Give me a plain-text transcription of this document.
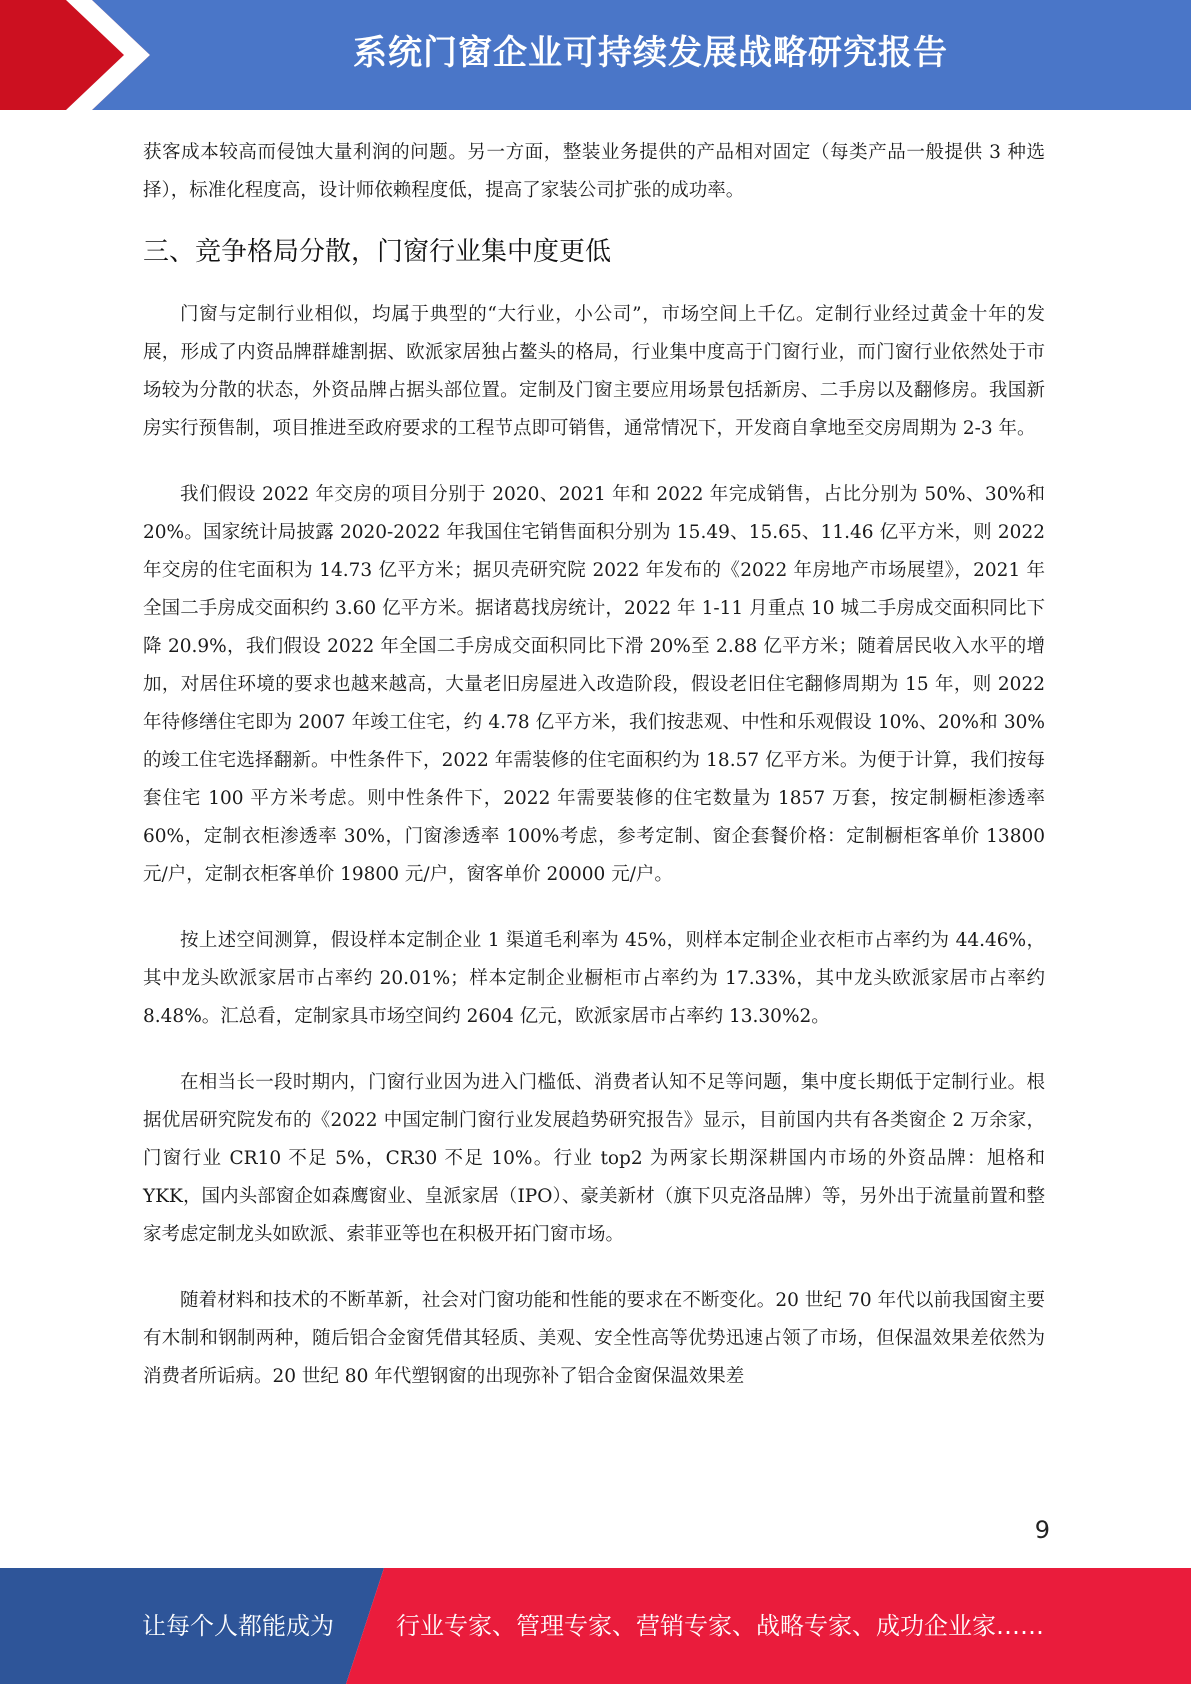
系统门窗企业可持续发展战略研究报告

获客成本较高而侵蚀大量利润的问题。另一方面，整装业务提供的产品相对固定（每类产品一般提供 3 种选择），标准化程度高，设计师依赖程度低，提高了家装公司扩张的成功率。

三、竞争格局分散，门窗行业集中度更低

门窗与定制行业相似，均属于典型的“大行业，小公司”，市场空间上千亿。定制行业经过黄金十年的发展，形成了内资品牌群雄割据、欧派家居独占鳌头的格局，行业集中度高于门窗行业，而门窗行业依然处于市场较为分散的状态，外资品牌占据头部位置。定制及门窗主要应用场景包括新房、二手房以及翻修房。我国新房实行预售制，项目推进至政府要求的工程节点即可销售，通常情况下，开发商自拿地至交房周期为 2-3 年。

我们假设 2022 年交房的项目分别于 2020、2021 年和 2022 年完成销售，占比分别为 50%、30%和 20%。国家统计局披露 2020-2022 年我国住宅销售面积分别为 15.49、15.65、11.46 亿平方米，则 2022 年交房的住宅面积为 14.73 亿平方米；据贝壳研究院 2022 年发布的《2022 年房地产市场展望》，2021 年全国二手房成交面积约 3.60 亿平方米。据诸葛找房统计，2022 年 1-11 月重点 10 城二手房成交面积同比下降 20.9%，我们假设 2022 年全国二手房成交面积同比下滑 20%至 2.88 亿平方米；随着居民收入水平的增加，对居住环境的要求也越来越高，大量老旧房屋进入改造阶段，假设老旧住宅翻修周期为 15 年，则 2022 年待修缮住宅即为 2007 年竣工住宅，约 4.78 亿平方米，我们按悲观、中性和乐观假设 10%、20%和 30%的竣工住宅选择翻新。中性条件下，2022 年需装修的住宅面积约为 18.57 亿平方米。为便于计算，我们按每套住宅 100 平方米考虑。则中性条件下，2022 年需要装修的住宅数量为 1857 万套，按定制橱柜渗透率 60%，定制衣柜渗透率 30%，门窗渗透率 100%考虑，参考定制、窗企套餐价格：定制橱柜客单价 13800 元/户，定制衣柜客单价 19800 元/户，窗客单价 20000 元/户。

按上述空间测算，假设样本定制企业 1 渠道毛利率为 45%，则样本定制企业衣柜市占率约为 44.46%，其中龙头欧派家居市占率约 20.01%；样本定制企业橱柜市占率约为 17.33%，其中龙头欧派家居市占率约 8.48%。汇总看，定制家具市场空间约 2604 亿元，欧派家居市占率约 13.30%2。

在相当长一段时期内，门窗行业因为进入门槛低、消费者认知不足等问题，集中度长期低于定制行业。根据优居研究院发布的《2022 中国定制门窗行业发展趋势研究报告》显示，目前国内共有各类窗企 2 万余家，门窗行业 CR10 不足 5%，CR30 不足 10%。行业 top2 为两家长期深耕国内市场的外资品牌：旭格和 YKK，国内头部窗企如森鹰窗业、皇派家居（IPO）、豪美新材（旗下贝克洛品牌）等，另外出于流量前置和整家考虑定制龙头如欧派、索菲亚等也在积极开拓门窗市场。

随着材料和技术的不断革新，社会对门窗功能和性能的要求在不断变化。20 世纪 70 年代以前我国窗主要有木制和钢制两种，随后铝合金窗凭借其轻质、美观、安全性高等优势迅速占领了市场，但保温效果差依然为消费者所诟病。20 世纪 80 年代塑钢窗的出现弥补了铝合金窗保温效果差

9
让每个人都能成为	行业专家、管理专家、营销专家、战略专家、成功企业家……
